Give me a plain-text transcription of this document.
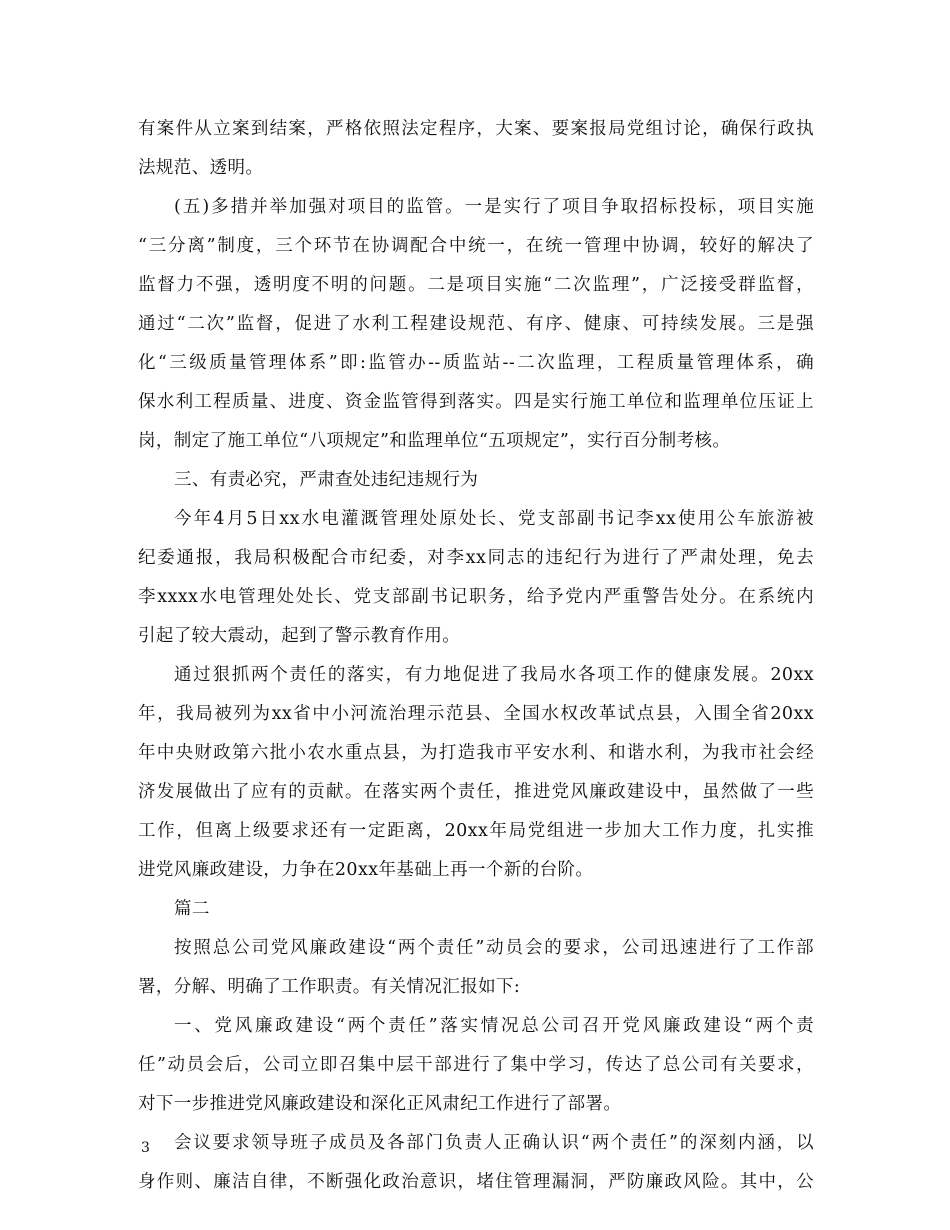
有案件从立案到结案，严格依照法定程序，大案、要案报局党组讨论，确保行政执
法规范、透明。
(五)多措并举加强对项目的监管。一是实行了项目争取招标投标，项目实施
“三分离”制度，三个环节在协调配合中统一，在统一管理中协调，较好的解决了
监督力不强，透明度不明的问题。二是项目实施“二次监理”，广泛接受群监督，
通过“二次”监督，促进了水利工程建设规范、有序、健康、可持续发展。三是强
化“三级质量管理体系”即:监管办--质监站--二次监理，工程质量管理体系，确
保水利工程质量、进度、资金监管得到落实。四是实行施工单位和监理单位压证上
岗，制定了施工单位“八项规定”和监理单位“五项规定”，实行百分制考核。
三、有责必究，严肃查处违纪违规行为
今年4月5日xx水电灌溉管理处原处长、党支部副书记李xx使用公车旅游被
纪委通报，我局积极配合市纪委，对李xx同志的违纪行为进行了严肃处理，免去
李xxxx水电管理处处长、党支部副书记职务，给予党内严重警告处分。在系统内
引起了较大震动，起到了警示教育作用。
通过狠抓两个责任的落实，有力地促进了我局水各项工作的健康发展。20xx
年，我局被列为xx省中小河流治理示范县、全国水权改革试点县，入围全省20xx
年中央财政第六批小农水重点县，为打造我市平安水利、和谐水利，为我市社会经
济发展做出了应有的贡献。在落实两个责任，推进党风廉政建设中，虽然做了一些
工作，但离上级要求还有一定距离，20xx年局党组进一步加大工作力度，扎实推
进党风廉政建设，力争在20xx年基础上再一个新的台阶。
篇二
按照总公司党风廉政建设“两个责任”动员会的要求，公司迅速进行了工作部
署，分解、明确了工作职责。有关情况汇报如下:
一、党风廉政建设“两个责任”落实情况总公司召开党风廉政建设“两个责
任”动员会后，公司立即召集中层干部进行了集中学习，传达了总公司有关要求，
对下一步推进党风廉政建设和深化正风肃纪工作进行了部署。
会议要求领导班子成员及各部门负责人正确认识“两个责任”的深刻内涵，以
身作则、廉洁自律，不断强化政治意识，堵住管理漏洞，严防廉政风险。其中，公
3
